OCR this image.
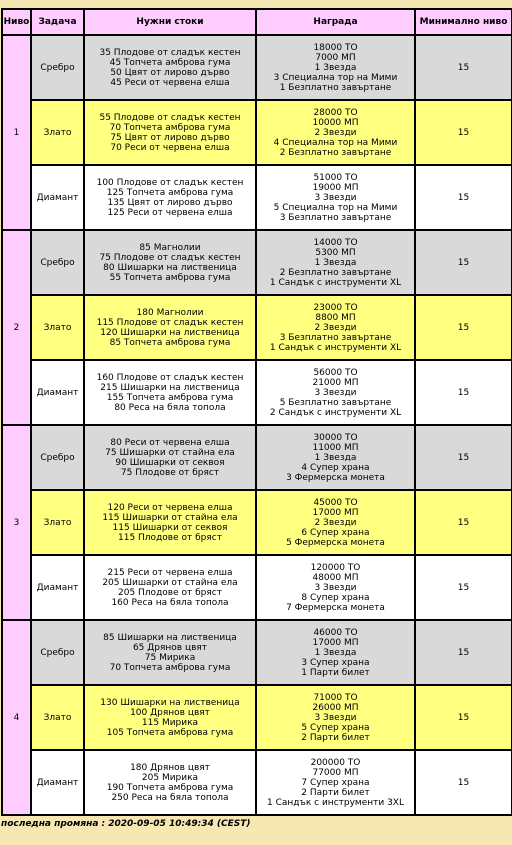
Ниво	Задача	Нужни стоки	Награда	Минимално ниво
1	Сребро	35 Плодове от сладък кестен
45 Топчета амброва гума
50 Цвят от лирово дърво
45 Реси от червена елша	18000 ТО
7000 МП
1 Звезда
3 Специална тор на Мими
1 Безплатно завъртане	15
	Злато	55 Плодове от сладък кестен
70 Топчета амброва гума
75 Цвят от лирово дърво
70 Реси от червена елша	28000 ТО
10000 МП
2 Звезди
4 Специална тор на Мими
2 Безплатно завъртане	15
	Диамант	100 Плодове от сладък кестен
125 Топчета амброва гума
135 Цвят от лирово дърво
125 Реси от червена елша	51000 ТО
19000 МП
3 Звезди
5 Специална тор на Мими
3 Безплатно завъртане	15
2	Сребро	85 Магнолии
75 Плодове от сладък кестен
80 Шишарки на лиственица
55 Топчета амброва гума	14000 ТО
5300 МП
1 Звезда
2 Безплатно завъртане
1 Сандък с инструменти XL	15
	Злато	180 Магнолии
115 Плодове от сладък кестен
120 Шишарки на лиственица
85 Топчета амброва гума	23000 ТО
8800 МП
2 Звезди
3 Безплатно завъртане
1 Сандък с инструменти XL	15
	Диамант	160 Плодове от сладък кестен
215 Шишарки на лиственица
155 Топчета амброва гума
80 Реса на бяла топола	56000 ТО
21000 МП
3 Звезди
5 Безплатно завъртане
2 Сандък с инструменти XL	15
3	Сребро	80 Реси от червена елша
75 Шишарки от стайна ела
90 Шишарки от секвоя
75 Плодове от бряст	30000 ТО
11000 МП
1 Звезда
4 Супер храна
3 Фермерска монета	15
	Злато	120 Реси от червена елша
115 Шишарки от стайна ела
115 Шишарки от секвоя
115 Плодове от бряст	45000 ТО
17000 МП
2 Звезди
6 Супер храна
5 Фермерска монета	15
	Диамант	215 Реси от червена елша
205 Шишарки от стайна ела
205 Плодове от бряст
160 Реса на бяла топола	120000 ТО
48000 МП
3 Звезди
8 Супер храна
7 Фермерска монета	15
4	Сребро	85 Шишарки на лиственица
65 Дрянов цвят
75 Мирика
70 Топчета амброва гума	46000 ТО
17000 МП
1 Звезда
3 Супер храна
1 Парти билет	15
	Злато	130 Шишарки на лиственица
100 Дрянов цвят
115 Мирика
105 Топчета амброва гума	71000 ТО
26000 МП
3 Звезди
5 Супер храна
2 Парти билет	15
	Диамант	180 Дрянов цвят
205 Мирика
190 Топчета амброва гума
250 Реса на бяла топола	200000 ТО
77000 МП
7 Супер храна
2 Парти билет
1 Сандък с инструменти 3XL	15
последна промяна : 2020-09-05 10:49:34 (CEST)
